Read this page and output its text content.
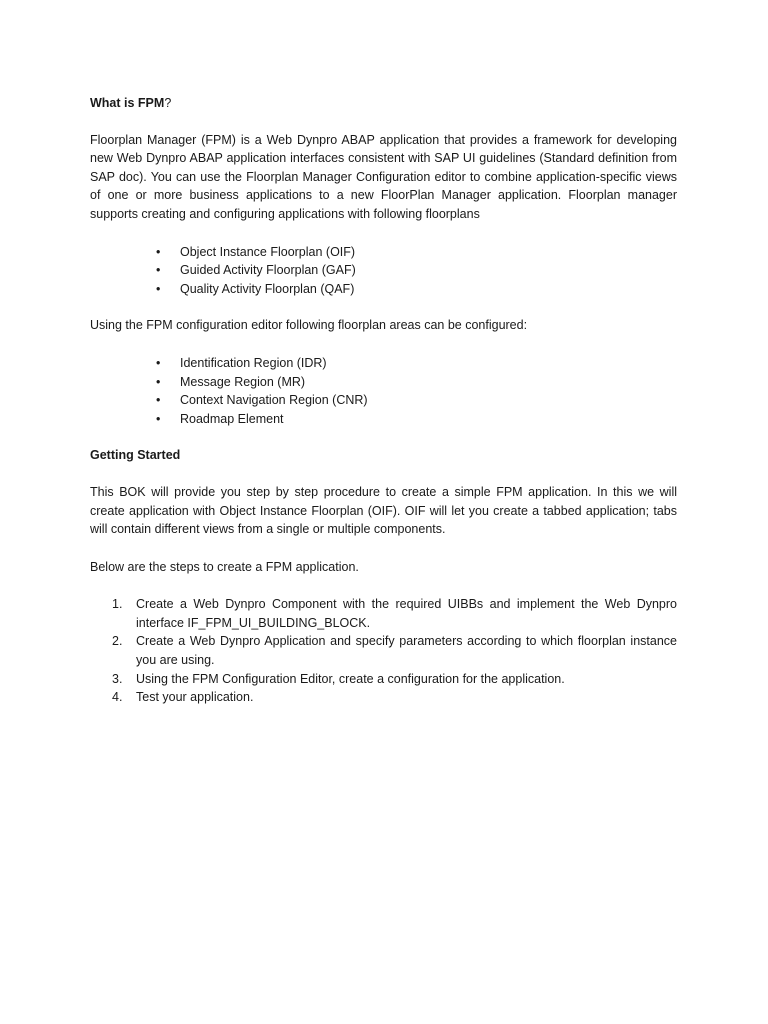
What is FPM?

Floorplan Manager (FPM) is a Web Dynpro ABAP application that provides a framework for developing new Web Dynpro ABAP application interfaces consistent with SAP UI guidelines (Standard definition from SAP doc). You can use the Floorplan Manager Configuration editor to combine application-specific views of one or more business applications to a new FloorPlan Manager application. Floorplan manager supports creating and configuring applications with following floorplans

• Object Instance Floorplan (OIF)
• Guided Activity Floorplan (GAF)
• Quality Activity Floorplan (QAF)

Using the FPM configuration editor following floorplan areas can be configured:

• Identification Region (IDR)
• Message Region (MR)
• Context Navigation Region (CNR)
• Roadmap Element
Getting Started

This BOK will provide you step by step procedure to create a simple FPM application. In this we will create application with Object Instance Floorplan (OIF). OIF will let you create a tabbed application; tabs will contain different views from a single or multiple components.

Below are the steps to create a FPM application.

1. Create a Web Dynpro Component with the required UIBBs and implement the Web Dynpro interface IF_FPM_UI_BUILDING_BLOCK.
2. Create a Web Dynpro Application and specify parameters according to which floorplan instance you are using.
3. Using the FPM Configuration Editor, create a configuration for the application.
4. Test your application.
